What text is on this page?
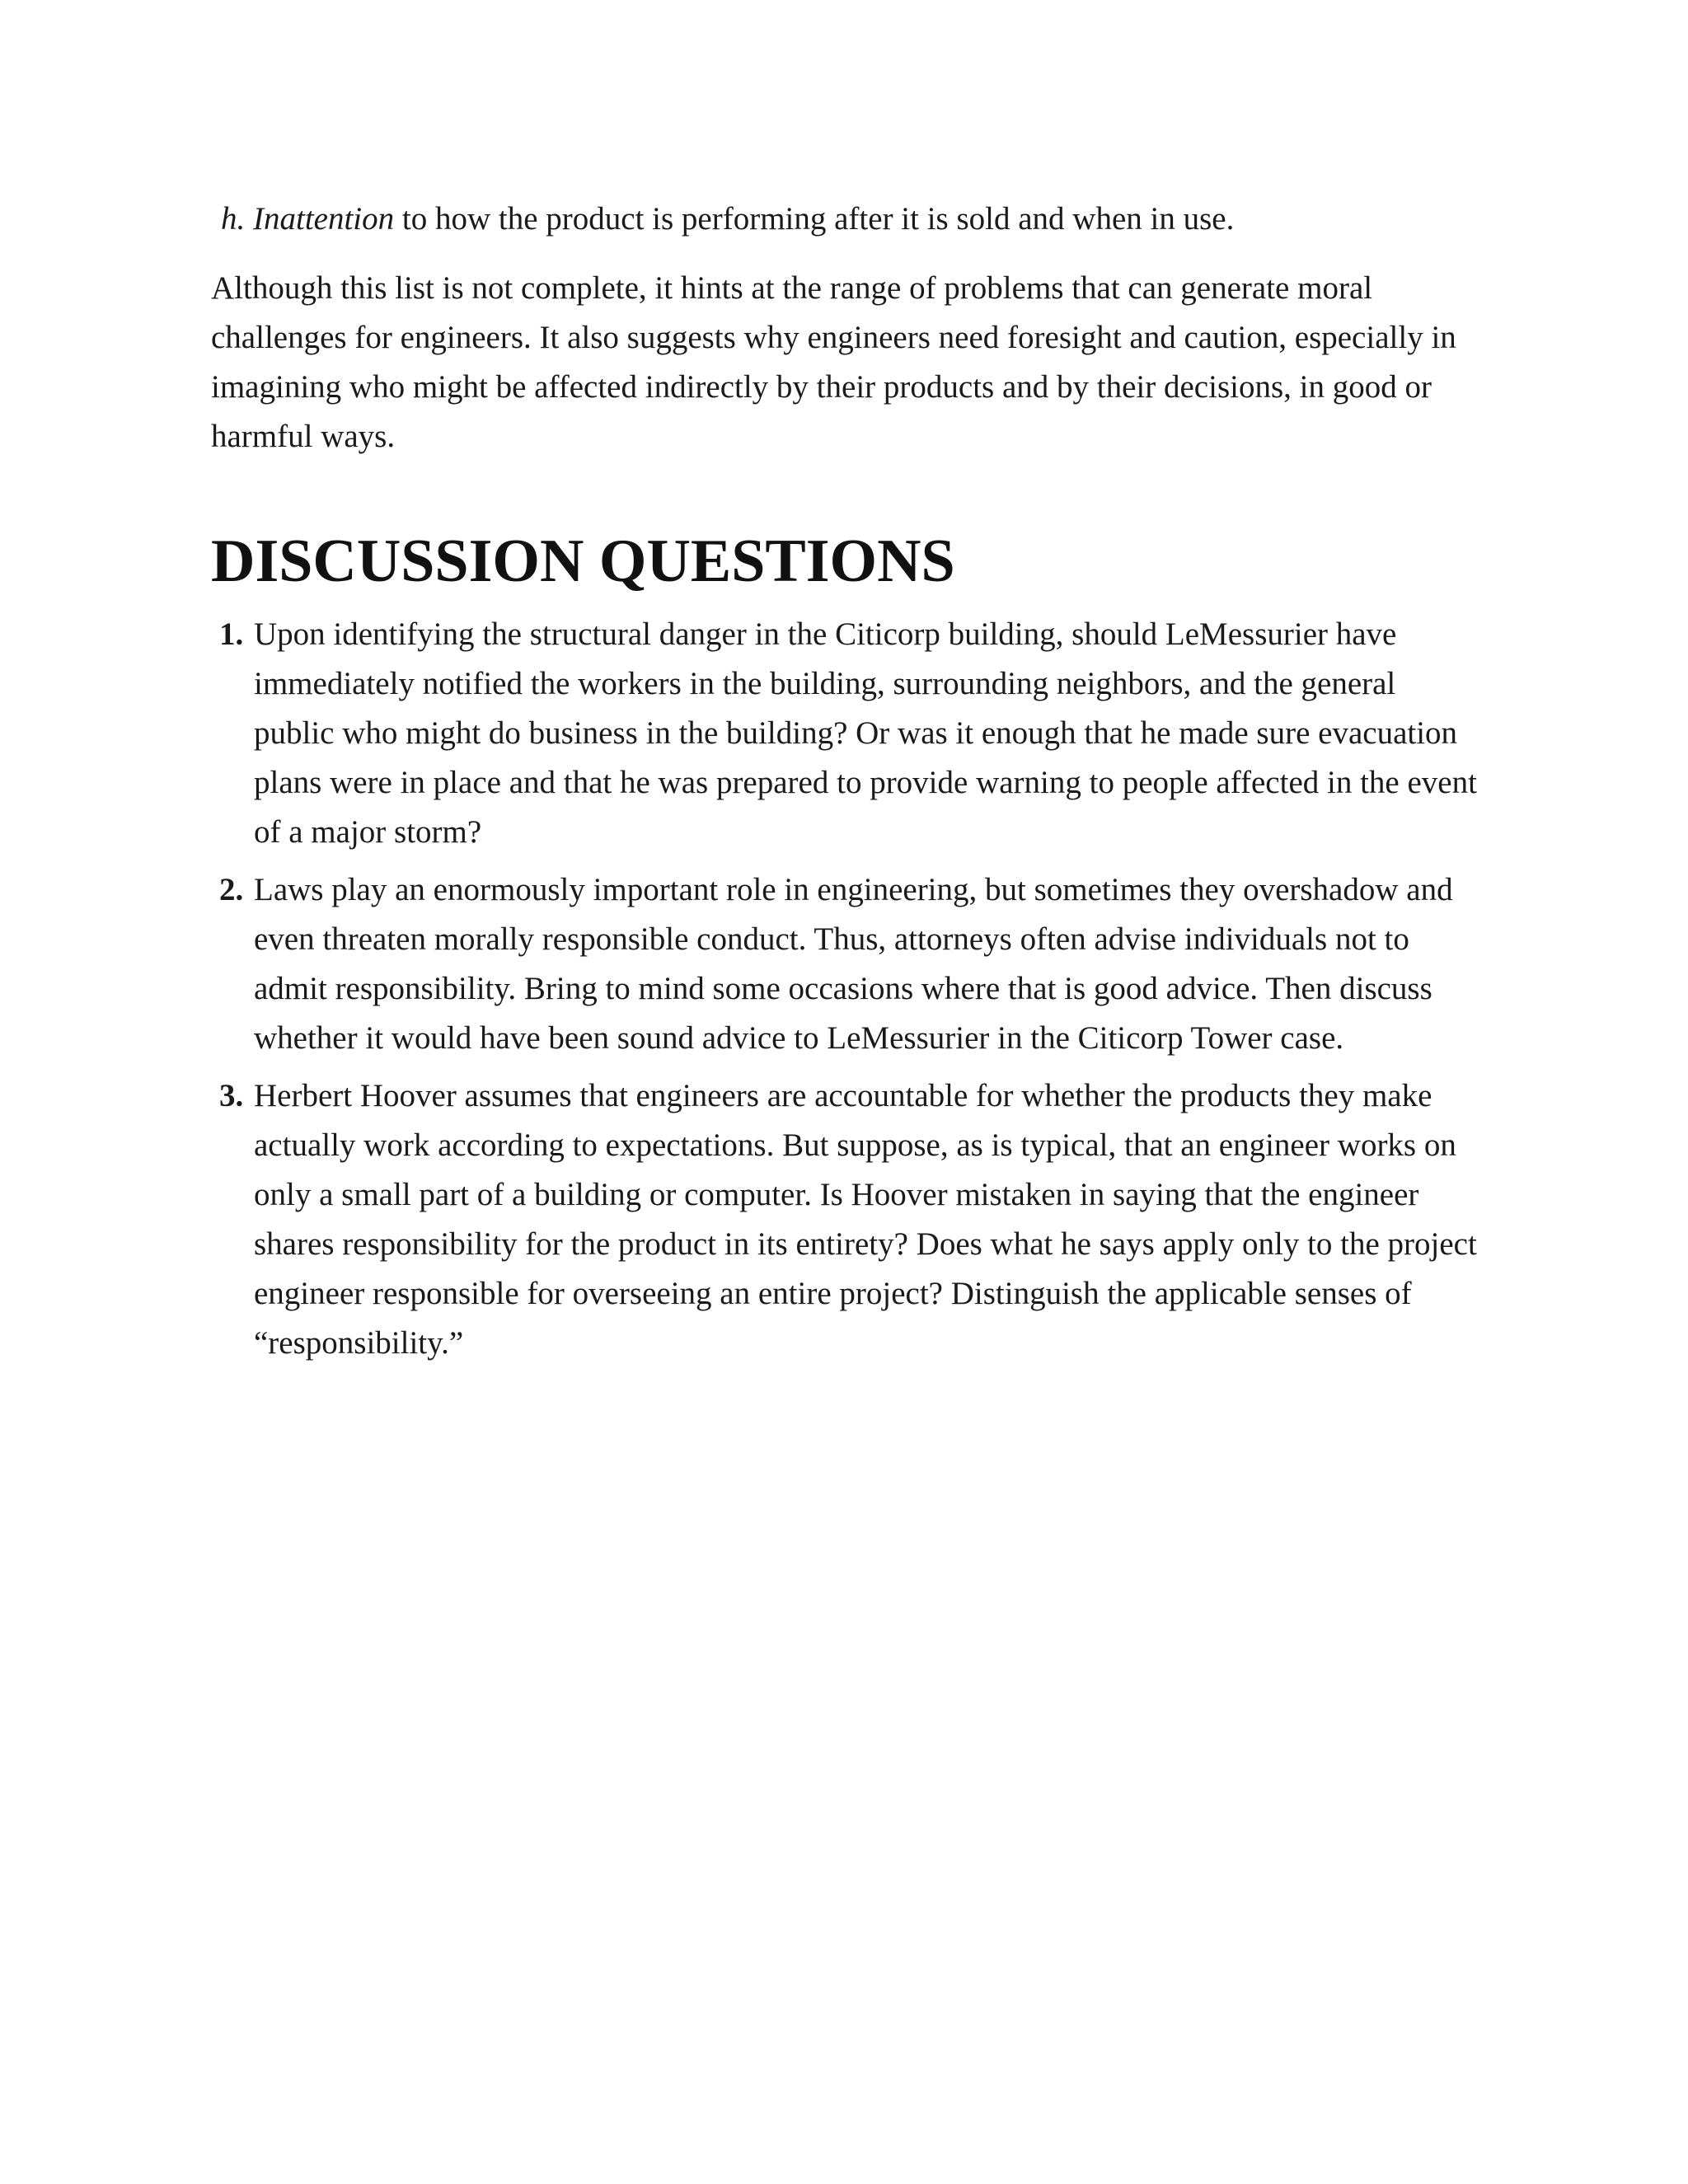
h. Inattention to how the product is performing after it is sold and when in use.

Although this list is not complete, it hints at the range of problems that can generate moral challenges for engineers. It also suggests why engineers need foresight and caution, especially in imagining who might be affected indirectly by their products and by their decisions, in good or harmful ways.

DISCUSSION QUESTIONS
1. Upon identifying the structural danger in the Citicorp building, should LeMessurier have immediately notified the workers in the building, surrounding neighbors, and the general public who might do business in the building? Or was it enough that he made sure evacuation plans were in place and that he was prepared to provide warning to people affected in the event of a major storm?
2. Laws play an enormously important role in engineering, but sometimes they overshadow and even threaten morally responsible conduct. Thus, attorneys often advise individuals not to admit responsibility. Bring to mind some occasions where that is good advice. Then discuss whether it would have been sound advice to LeMessurier in the Citicorp Tower case.
3. Herbert Hoover assumes that engineers are accountable for whether the products they make actually work according to expectations. But suppose, as is typical, that an engineer works on only a small part of a building or computer. Is Hoover mistaken in saying that the engineer shares responsibility for the product in its entirety? Does what he says apply only to the project engineer responsible for overseeing an entire project? Distinguish the applicable senses of “responsibility.”
